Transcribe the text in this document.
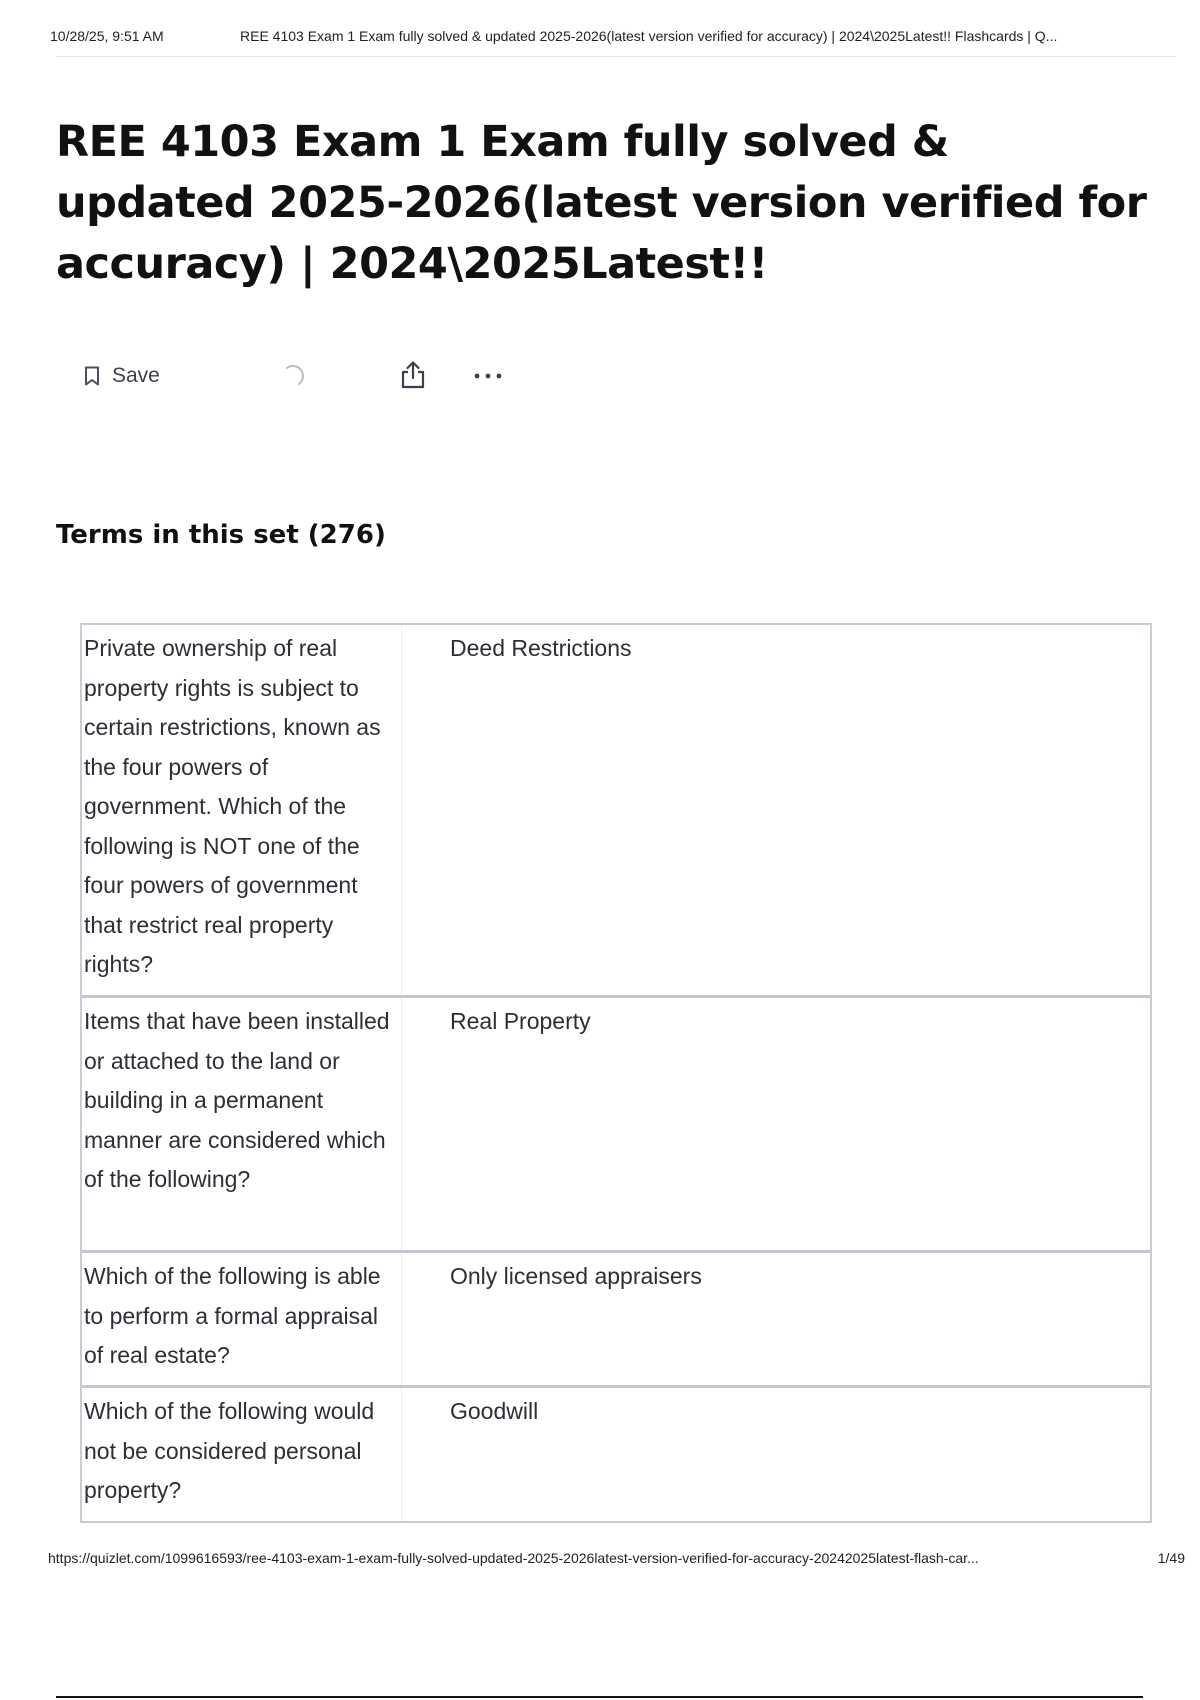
10/28/25, 9:51 AM	REE 4103 Exam 1 Exam fully solved & updated 2025-2026(latest version verified for accuracy) | 2024\2025Latest!! Flashcards | Q...
REE 4103 Exam 1 Exam fully solved & updated 2025-2026(latest version verified for accuracy) | 2024\2025Latest!!
Save
Terms in this set (276)
Private ownership of real property rights is subject to certain restrictions, known as the four powers of government. Which of the following is NOT one of the four powers of government that restrict real property rights?
Deed Restrictions
Items that have been installed or attached to the land or building in a permanent manner are considered which of the following?
Real Property
Which of the following is able to perform a formal appraisal of real estate?
Only licensed appraisers
Which of the following would not be considered personal property?
Goodwill
https://quizlet.com/1099616593/ree-4103-exam-1-exam-fully-solved-updated-2025-2026latest-version-verified-for-accuracy-20242025latest-flash-car...	1/49
